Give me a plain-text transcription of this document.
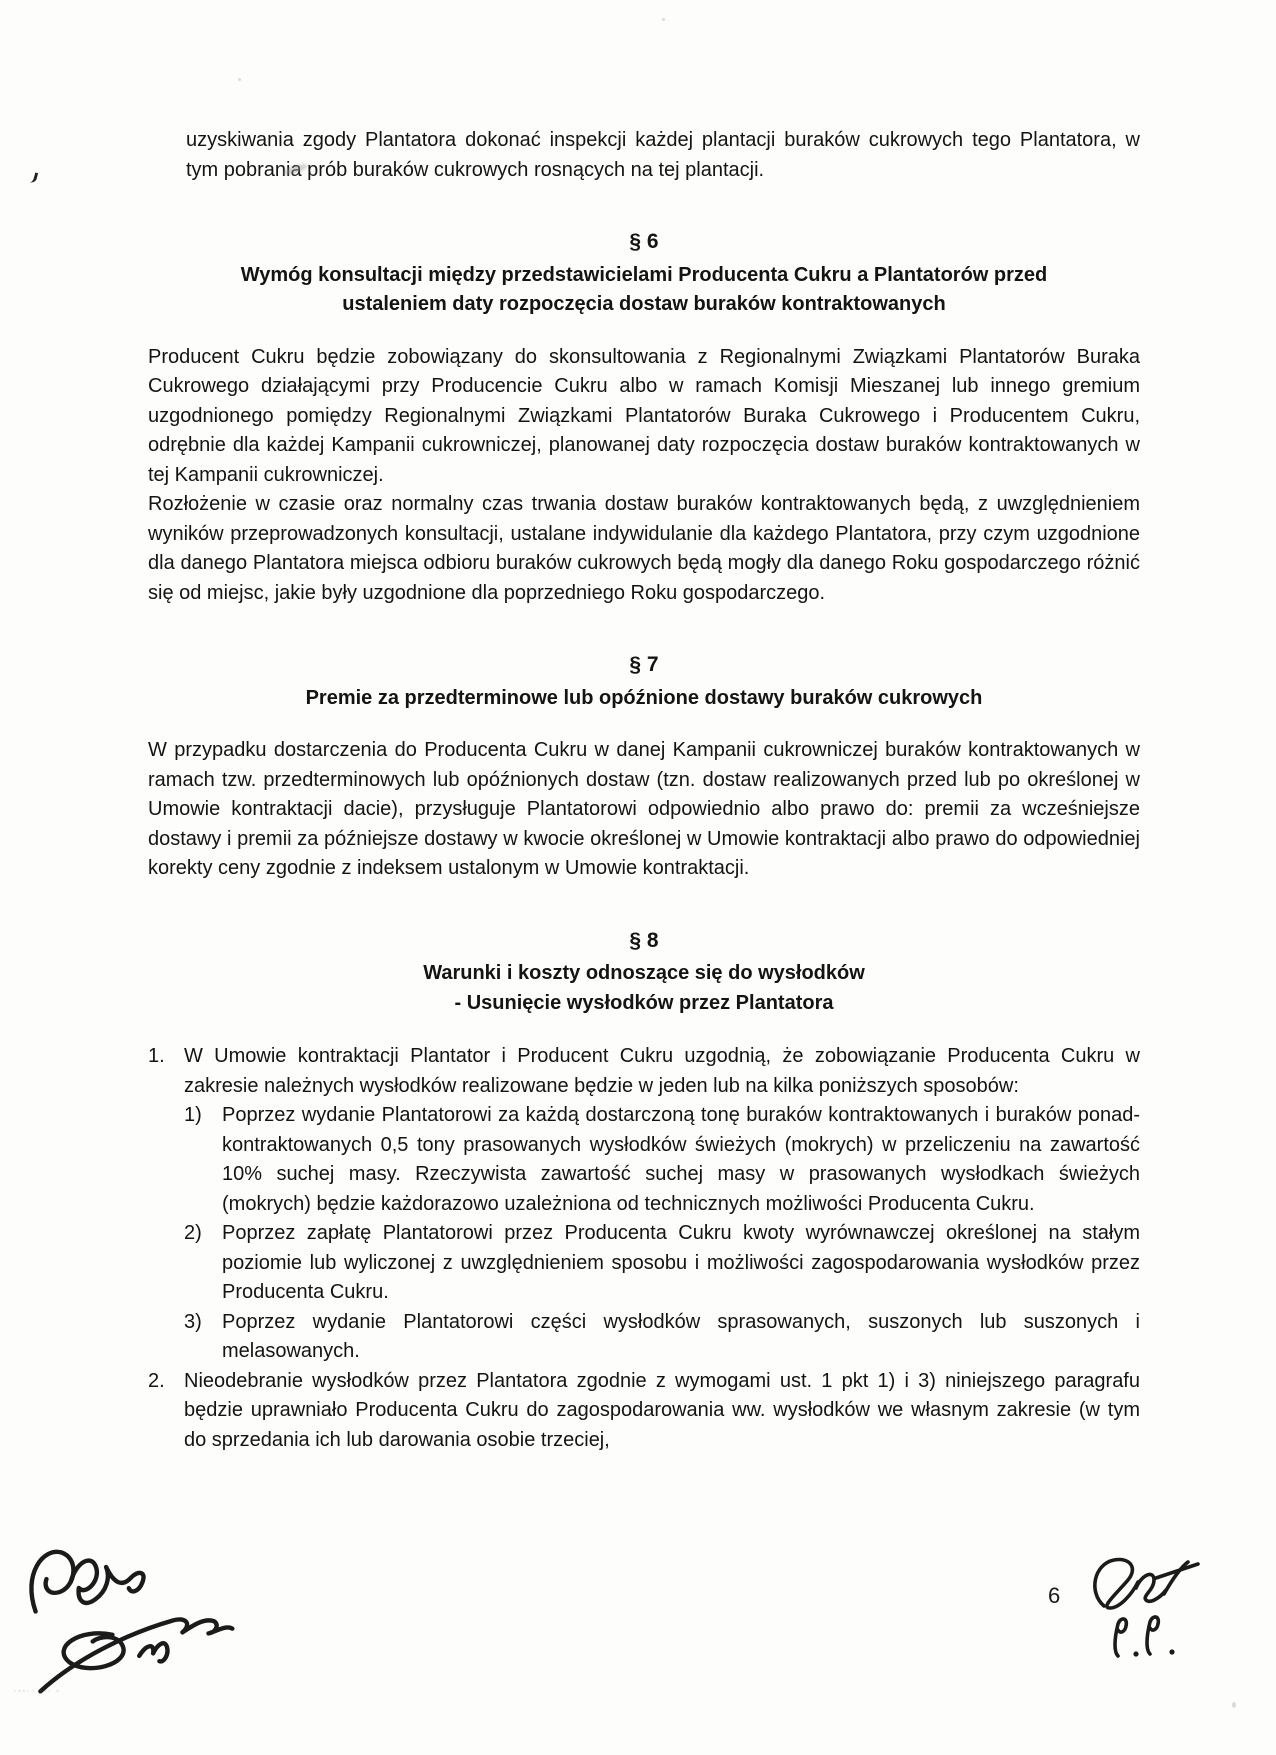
uzyskiwania zgody Plantatora dokonać inspekcji każdej plantacji buraków cukrowych tego Plantatora, w tym pobrania prób buraków cukrowych rosnących na tej plantacji.

§ 6
Wymóg konsultacji między przedstawicielami Producenta Cukru a Plantatorów przed
ustaleniem daty rozpoczęcia dostaw buraków kontraktowanych

Producent Cukru będzie zobowiązany do skonsultowania z Regionalnymi Związkami Plantatorów Buraka Cukrowego działającymi przy Producencie Cukru albo w ramach Komisji Mieszanej lub innego gremium uzgodnionego pomiędzy Regionalnymi Związkami Plantatorów Buraka Cukrowego i Producentem Cukru, odrębnie dla każdej Kampanii cukrowniczej, planowanej daty rozpoczęcia dostaw buraków kontraktowanych w tej Kampanii cukrowniczej.

Rozłożenie w czasie oraz normalny czas trwania dostaw buraków kontraktowanych będą, z uwzględnieniem wyników przeprowadzonych konsultacji, ustalane indywidulanie dla każdego Plantatora, przy czym uzgodnione dla danego Plantatora miejsca odbioru buraków cukrowych będą mogły dla danego Roku gospodarczego różnić się od miejsc, jakie były uzgodnione dla poprzedniego Roku gospodarczego.

§ 7
Premie za przedterminowe lub opóźnione dostawy buraków cukrowych

W przypadku dostarczenia do Producenta Cukru w danej Kampanii cukrowniczej buraków kontraktowanych w ramach tzw. przedterminowych lub opóźnionych dostaw (tzn. dostaw realizowanych przed lub po określonej w Umowie kontraktacji dacie), przysługuje Plantatorowi odpowiednio albo prawo do: premii za wcześniejsze dostawy i premii za późniejsze dostawy w kwocie określonej w Umowie kontraktacji albo prawo do odpowiedniej korekty ceny zgodnie z indeksem ustalonym w Umowie kontraktacji.

§ 8
Warunki i koszty odnoszące się do wysłodków
- Usunięcie wysłodków przez Plantatora
1. W Umowie kontraktacji Plantator i Producent Cukru uzgodnią, że zobowiązanie Producenta Cukru w zakresie należnych wysłodków realizowane będzie w jeden lub na kilka poniższych sposobów:
1)	Poprzez wydanie Plantatorowi za każdą dostarczoną tonę buraków kontraktowanych i buraków ponad-kontraktowanych 0,5 tony prasowanych wysłodków świeżych (mokrych) w przeliczeniu na zawartość 10% suchej masy. Rzeczywista zawartość suchej masy w prasowanych wysłodkach świeżych (mokrych) będzie każdorazowo uzależniona od technicznych możliwości Producenta Cukru.
2)	Poprzez zapłatę Plantatorowi przez Producenta Cukru kwoty wyrównawczej określonej na stałym poziomie lub wyliczonej z uwzględnieniem sposobu i możliwości zagospodarowania wysłodków przez Producenta Cukru.
3)	Poprzez wydanie Plantatorowi części wysłodków sprasowanych, suszonych lub suszonych i melasowanych.
2. Nieodebranie wysłodków przez Plantatora zgodnie z wymogami ust. 1 pkt 1) i 3) niniejszego paragrafu będzie uprawniało Producenta Cukru do zagospodarowania ww. wysłodków we własnym zakresie (w tym do sprzedania ich lub darowania osobie trzeciej,
6
·--·· ·-· -
